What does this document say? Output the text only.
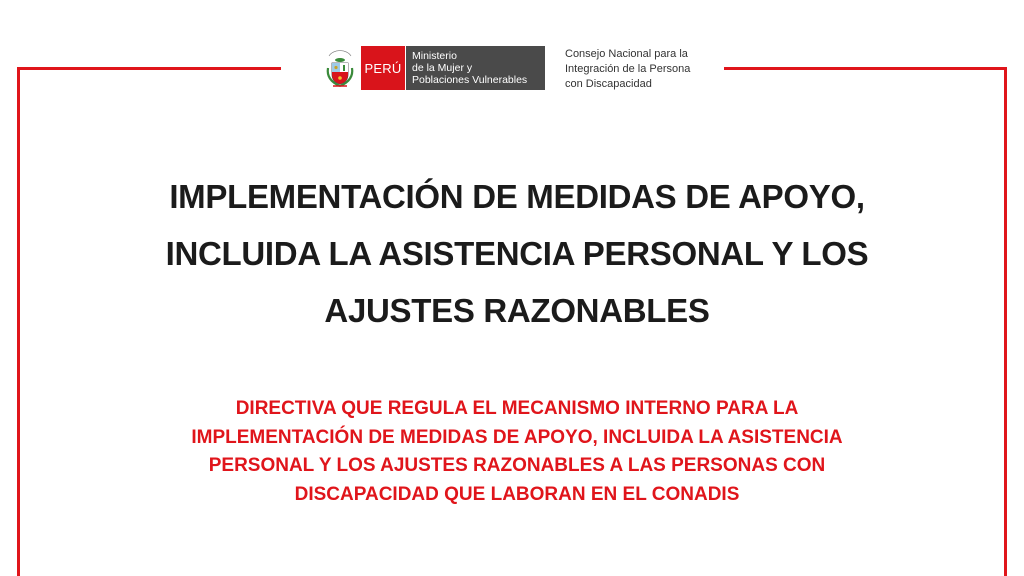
PERÚ
Ministerio
de la Mujer y
Poblaciones Vulnerables
Consejo Nacional para la
Integración de la Persona
con Discapacidad
IMPLEMENTACIÓN DE MEDIDAS DE APOYO, INCLUIDA LA ASISTENCIA PERSONAL Y LOS AJUSTES RAZONABLES
DIRECTIVA QUE REGULA EL MECANISMO INTERNO PARA LA IMPLEMENTACIÓN DE MEDIDAS DE APOYO, INCLUIDA LA ASISTENCIA PERSONAL Y LOS AJUSTES RAZONABLES A LAS PERSONAS CON DISCAPACIDAD QUE LABORAN EN EL CONADIS
